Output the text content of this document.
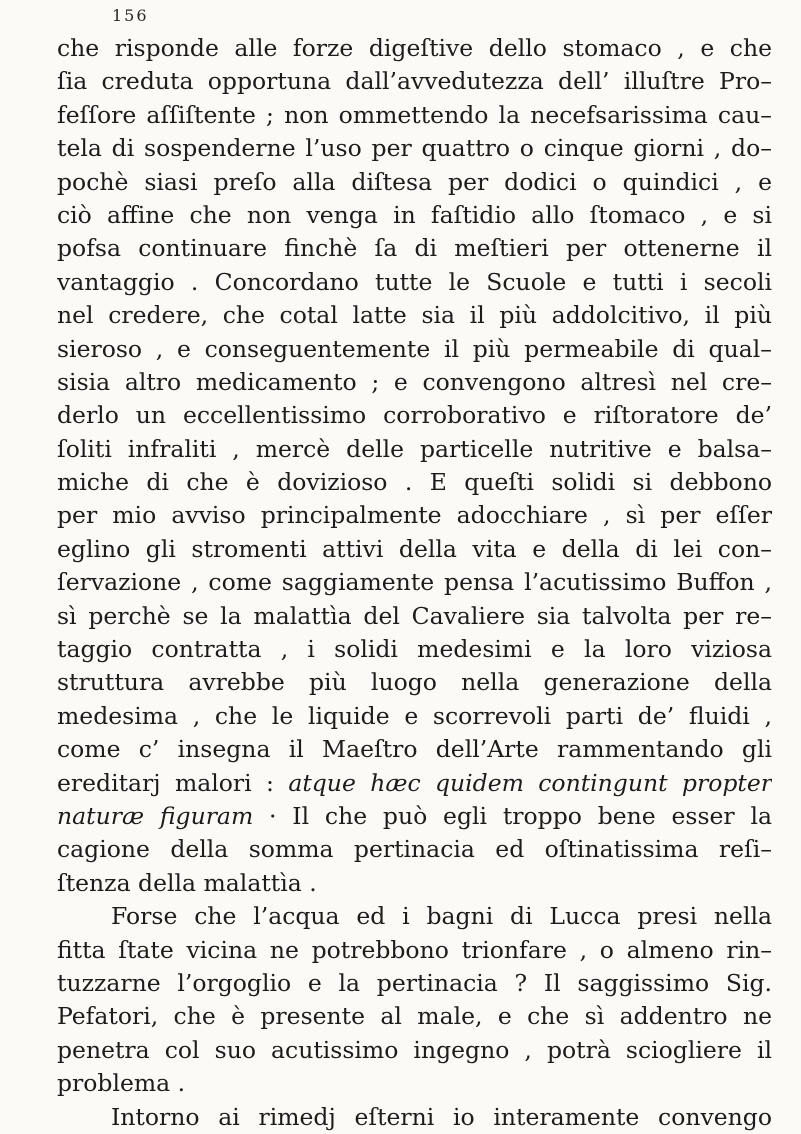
156
che risponde alle forze digeſtive dello stomaco , e che
ſia creduta opportuna dall’avvedutezza dell’ illuſtre Pro–
feſſore aſſiſtente ; non ommettendo la necefsarissima cau–
tela di sospenderne l’uso per quattro o cinque giorni , do–
pochè siasi preſo alla diſtesa per dodici o quindici , e
ciò affine che non venga in faſtidio allo ſtomaco , e si
pofsa continuare finchè ſa di meſtieri per ottenerne il
vantaggio . Concordano tutte le Scuole e tutti i secoli
nel credere, che cotal latte sia il più addolcitivo, il più
sieroso , e conseguentemente il più permeabile di qual–
sisia altro medicamento ; e convengono altresì nel cre–
derlo un eccellentissimo corroborativo e riſtoratore de’
ſoliti infraliti , mercè delle particelle nutritive e balsa–
miche di che è dovizioso . E queſti solidi si debbono
per mio avviso principalmente adocchiare , sì per eſſer
eglino gli stromenti attivi della vita e della di lei con–
ſervazione , come saggiamente pensa l’acutissimo Buffon ,
sì perchè se la malattìa del Cavaliere sia talvolta per re–
taggio contratta , i solidi medesimi e la loro viziosa
struttura avrebbe più luogo nella generazione della
medesima , che le liquide e scorrevoli parti de’ fluidi ,
come c’ insegna il Maeſtro dell’Arte rammentando gli
ereditarj malori : atque hæc quidem contingunt propter
naturæ figuram · Il che può egli troppo bene esser la
cagione della somma pertinacia ed oſtinatissima reſi–
ſtenza della malattìa .
Forse che l’acqua ed i bagni di Lucca presi nella
fitta ſtate vicina ne potrebbono trionfare , o almeno rin–
tuzzarne l’orgoglio e la pertinacia ? Il saggissimo Sig.
Pefatori, che è presente al male, e che sì addentro ne
penetra col suo acutissimo ingegno , potrà sciogliere il
problema .
Intorno ai rimedj eſterni io interamente convengo
